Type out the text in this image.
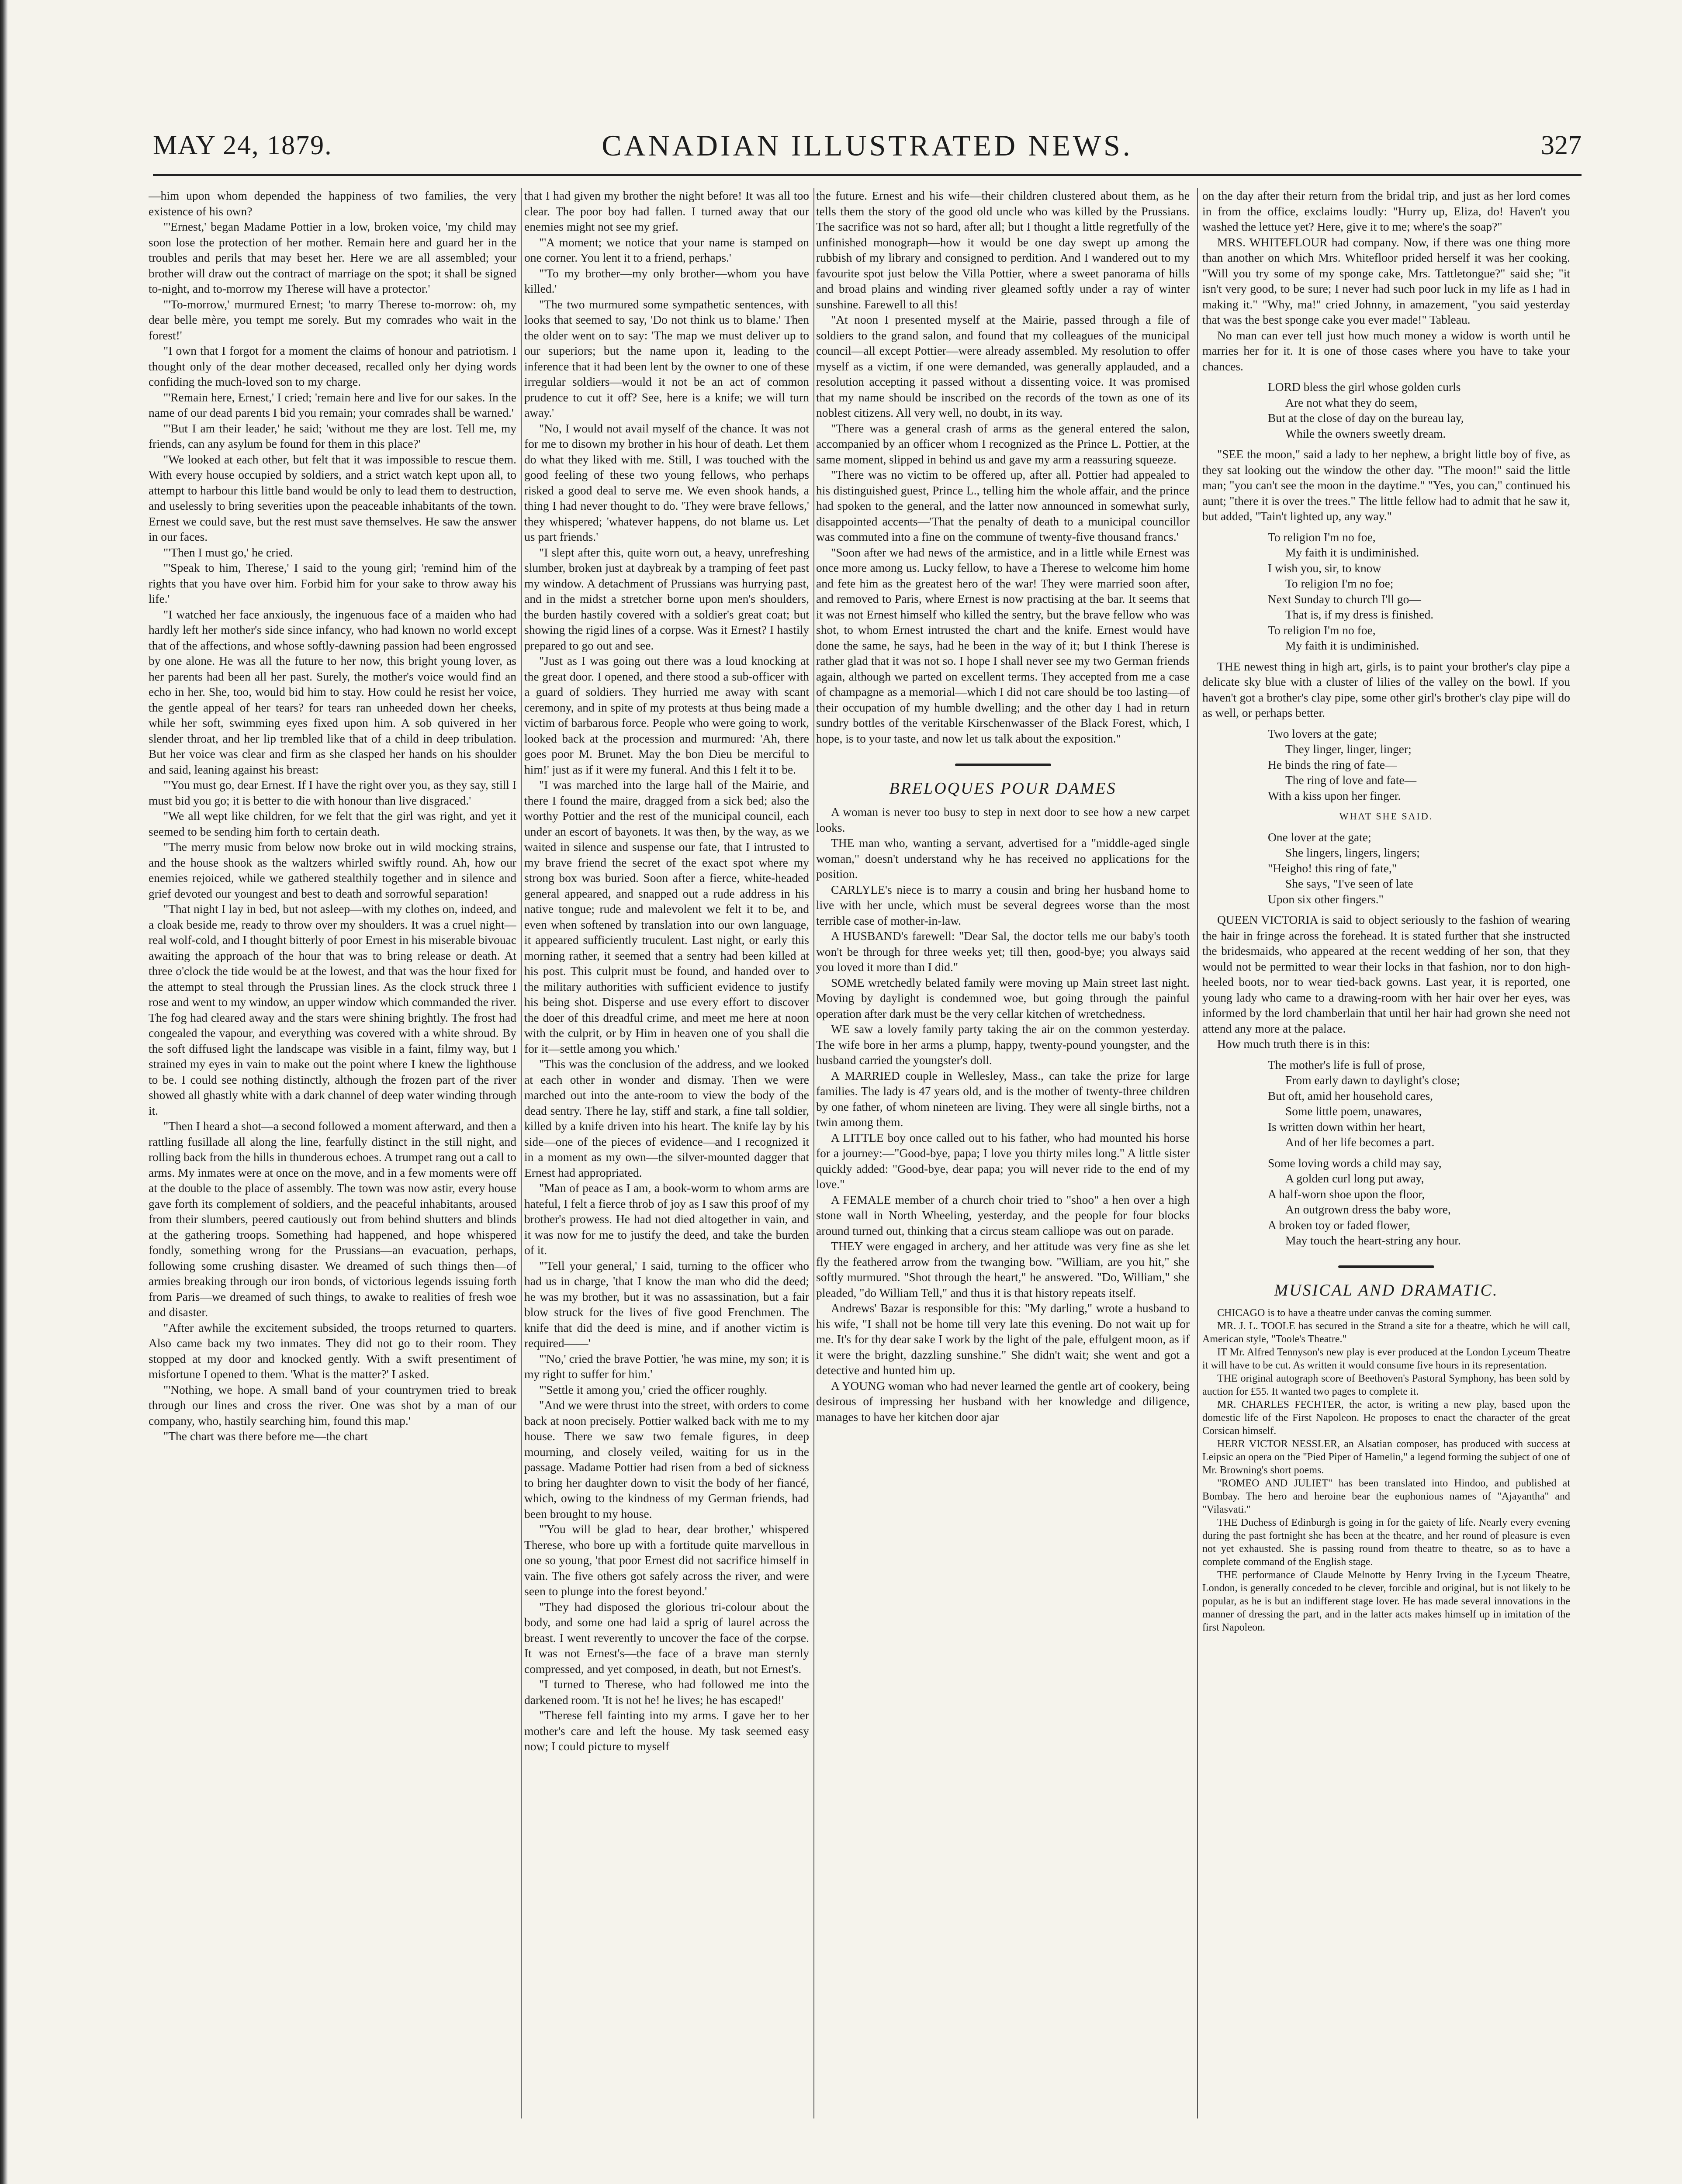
MAY 24, 1879.	CANADIAN ILLUSTRATED NEWS.	327

—him upon whom depended the happiness of two families, the very existence of his own?

"'Ernest,' began Madame Pottier in a low, broken voice, 'my child may soon lose the protection of her mother. Remain here and guard her in the troubles and perils that may beset her. Here we are all assembled; your brother will draw out the contract of marriage on the spot; it shall be signed to-night, and to-morrow my Therese will have a protector.'

"'To-morrow,' murmured Ernest; 'to marry Therese to-morrow: oh, my dear belle mère, you tempt me sorely. But my comrades who wait in the forest!'

"I own that I forgot for a moment the claims of honour and patriotism. I thought only of the dear mother deceased, recalled only her dying words confiding the much-loved son to my charge.

"'Remain here, Ernest,' I cried; 'remain here and live for our sakes. In the name of our dead parents I bid you remain; your comrades shall be warned.'

"'But I am their leader,' he said; 'without me they are lost. Tell me, my friends, can any asylum be found for them in this place?'

"We looked at each other, but felt that it was impossible to rescue them. With every house occupied by soldiers, and a strict watch kept upon all, to attempt to harbour this little band would be only to lead them to destruction, and uselessly to bring severities upon the peaceable inhabitants of the town. Ernest we could save, but the rest must save themselves. He saw the answer in our faces.

"'Then I must go,' he cried.

"'Speak to him, Therese,' I said to the young girl; 'remind him of the rights that you have over him. Forbid him for your sake to throw away his life.'

"I watched her face anxiously, the ingenuous face of a maiden who had hardly left her mother's side since infancy, who had known no world except that of the affections, and whose softly-dawning passion had been engrossed by one alone. He was all the future to her now, this bright young lover, as her parents had been all her past. Surely, the mother's voice would find an echo in her. She, too, would bid him to stay. How could he resist her voice, the gentle appeal of her tears? for tears ran unheeded down her cheeks, while her soft, swimming eyes fixed upon him. A sob quivered in her slender throat, and her lip trembled like that of a child in deep tribulation. But her voice was clear and firm as she clasped her hands on his shoulder and said, leaning against his breast:

"'You must go, dear Ernest. If I have the right over you, as they say, still I must bid you go; it is better to die with honour than live disgraced.'

"We all wept like children, for we felt that the girl was right, and yet it seemed to be sending him forth to certain death.

"The merry music from below now broke out in wild mocking strains, and the house shook as the waltzers whirled swiftly round. Ah, how our enemies rejoiced, while we gathered stealthily together and in silence and grief devoted our youngest and best to death and sorrowful separation!

"That night I lay in bed, but not asleep—with my clothes on, indeed, and a cloak beside me, ready to throw over my shoulders. It was a cruel night—real wolf-cold, and I thought bitterly of poor Ernest in his miserable bivouac awaiting the approach of the hour that was to bring release or death. At three o'clock the tide would be at the lowest, and that was the hour fixed for the attempt to steal through the Prussian lines. As the clock struck three I rose and went to my window, an upper window which commanded the river. The fog had cleared away and the stars were shining brightly. The frost had congealed the vapour, and everything was covered with a white shroud. By the soft diffused light the landscape was visible in a faint, filmy way, but I strained my eyes in vain to make out the point where I knew the lighthouse to be. I could see nothing distinctly, although the frozen part of the river showed all ghastly white with a dark channel of deep water winding through it.

"Then I heard a shot—a second followed a moment afterward, and then a rattling fusillade all along the line, fearfully distinct in the still night, and rolling back from the hills in thunderous echoes. A trumpet rang out a call to arms. My inmates were at once on the move, and in a few moments were off at the double to the place of assembly. The town was now astir, every house gave forth its complement of soldiers, and the peaceful inhabitants, aroused from their slumbers, peered cautiously out from behind shutters and blinds at the gathering troops. Something had happened, and hope whispered fondly, something wrong for the Prussians—an evacuation, perhaps, following some crushing disaster. We dreamed of such things then—of armies breaking through our iron bonds, of victorious legends issuing forth from Paris—we dreamed of such things, to awake to realities of fresh woe and disaster.

"After awhile the excitement subsided, the troops returned to quarters. Also came back my two inmates. They did not go to their room. They stopped at my door and knocked gently. With a swift presentiment of misfortune I opened to them. 'What is the matter?' I asked.

"'Nothing, we hope. A small band of your countrymen tried to break through our lines and cross the river. One was shot by a man of our company, who, hastily searching him, found this map.'

"The chart was there before me—the chart

that I had given my brother the night before! It was all too clear. The poor boy had fallen. I turned away that our enemies might not see my grief.

"'A moment; we notice that your name is stamped on one corner. You lent it to a friend, perhaps.'

"'To my brother—my only brother—whom you have killed.'

"The two murmured some sympathetic sentences, with looks that seemed to say, 'Do not think us to blame.' Then the older went on to say: 'The map we must deliver up to our superiors; but the name upon it, leading to the inference that it had been lent by the owner to one of these irregular soldiers—would it not be an act of common prudence to cut it off? See, here is a knife; we will turn away.'

"No, I would not avail myself of the chance. It was not for me to disown my brother in his hour of death. Let them do what they liked with me. Still, I was touched with the good feeling of these two young fellows, who perhaps risked a good deal to serve me. We even shook hands, a thing I had never thought to do. 'They were brave fellows,' they whispered; 'whatever happens, do not blame us. Let us part friends.'

"I slept after this, quite worn out, a heavy, unrefreshing slumber, broken just at daybreak by a tramping of feet past my window. A detachment of Prussians was hurrying past, and in the midst a stretcher borne upon men's shoulders, the burden hastily covered with a soldier's great coat; but showing the rigid lines of a corpse. Was it Ernest? I hastily prepared to go out and see.

"Just as I was going out there was a loud knocking at the great door. I opened, and there stood a sub-officer with a guard of soldiers. They hurried me away with scant ceremony, and in spite of my protests at thus being made a victim of barbarous force. People who were going to work, looked back at the procession and murmured: 'Ah, there goes poor M. Brunet. May the bon Dieu be merciful to him!' just as if it were my funeral. And this I felt it to be.

"I was marched into the large hall of the Mairie, and there I found the maire, dragged from a sick bed; also the worthy Pottier and the rest of the municipal council, each under an escort of bayonets. It was then, by the way, as we waited in silence and suspense our fate, that I intrusted to my brave friend the secret of the exact spot where my strong box was buried. Soon after a fierce, white-headed general appeared, and snapped out a rude address in his native tongue; rude and malevolent we felt it to be, and even when softened by translation into our own language, it appeared sufficiently truculent. Last night, or early this morning rather, it seemed that a sentry had been killed at his post. This culprit must be found, and handed over to the military authorities with sufficient evidence to justify his being shot. Disperse and use every effort to discover the doer of this dreadful crime, and meet me here at noon with the culprit, or by Him in heaven one of you shall die for it—settle among you which.'

"This was the conclusion of the address, and we looked at each other in wonder and dismay. Then we were marched out into the ante-room to view the body of the dead sentry. There he lay, stiff and stark, a fine tall soldier, killed by a knife driven into his heart. The knife lay by his side—one of the pieces of evidence—and I recognized it in a moment as my own—the silver-mounted dagger that Ernest had appropriated.

"Man of peace as I am, a book-worm to whom arms are hateful, I felt a fierce throb of joy as I saw this proof of my brother's prowess. He had not died altogether in vain, and it was now for me to justify the deed, and take the burden of it.

"'Tell your general,' I said, turning to the officer who had us in charge, 'that I know the man who did the deed; he was my brother, but it was no assassination, but a fair blow struck for the lives of five good Frenchmen. The knife that did the deed is mine, and if another victim is required——'

"'No,' cried the brave Pottier, 'he was mine, my son; it is my right to suffer for him.'

"'Settle it among you,' cried the officer roughly.

"And we were thrust into the street, with orders to come back at noon precisely. Pottier walked back with me to my house. There we saw two female figures, in deep mourning, and closely veiled, waiting for us in the passage. Madame Pottier had risen from a bed of sickness to bring her daughter down to visit the body of her fiancé, which, owing to the kindness of my German friends, had been brought to my house.

"'You will be glad to hear, dear brother,' whispered Therese, who bore up with a fortitude quite marvellous in one so young, 'that poor Ernest did not sacrifice himself in vain. The five others got safely across the river, and were seen to plunge into the forest beyond.'

"They had disposed the glorious tri-colour about the body, and some one had laid a sprig of laurel across the breast. I went reverently to uncover the face of the corpse. It was not Ernest's—the face of a brave man sternly compressed, and yet composed, in death, but not Ernest's.

"I turned to Therese, who had followed me into the darkened room. 'It is not he! he lives; he has escaped!'

"Therese fell fainting into my arms. I gave her to her mother's care and left the house. My task seemed easy now; I could picture to myself

the future. Ernest and his wife—their children clustered about them, as he tells them the story of the good old uncle who was killed by the Prussians. The sacrifice was not so hard, after all; but I thought a little regretfully of the unfinished monograph—how it would be one day swept up among the rubbish of my library and consigned to perdition. And I wandered out to my favourite spot just below the Villa Pottier, where a sweet panorama of hills and broad plains and winding river gleamed softly under a ray of winter sunshine. Farewell to all this!

"At noon I presented myself at the Mairie, passed through a file of soldiers to the grand salon, and found that my colleagues of the municipal council—all except Pottier—were already assembled. My resolution to offer myself as a victim, if one were demanded, was generally applauded, and a resolution accepting it passed without a dissenting voice. It was promised that my name should be inscribed on the records of the town as one of its noblest citizens. All very well, no doubt, in its way.

"There was a general crash of arms as the general entered the salon, accompanied by an officer whom I recognized as the Prince L. Pottier, at the same moment, slipped in behind us and gave my arm a reassuring squeeze.

"There was no victim to be offered up, after all. Pottier had appealed to his distinguished guest, Prince L., telling him the whole affair, and the prince had spoken to the general, and the latter now announced in somewhat surly, disappointed accents—'That the penalty of death to a municipal councillor was commuted into a fine on the commune of twenty-five thousand francs.'

"Soon after we had news of the armistice, and in a little while Ernest was once more among us. Lucky fellow, to have a Therese to welcome him home and fete him as the greatest hero of the war! They were married soon after, and removed to Paris, where Ernest is now practising at the bar. It seems that it was not Ernest himself who killed the sentry, but the brave fellow who was shot, to whom Ernest intrusted the chart and the knife. Ernest would have done the same, he says, had he been in the way of it; but I think Therese is rather glad that it was not so. I hope I shall never see my two German friends again, although we parted on excellent terms. They accepted from me a case of champagne as a memorial—which I did not care should be too lasting—of their occupation of my humble dwelling; and the other day I had in return sundry bottles of the veritable Kirschenwasser of the Black Forest, which, I hope, is to your taste, and now let us talk about the exposition."

BRELOQUES POUR DAMES

A woman is never too busy to step in next door to see how a new carpet looks.

THE man who, wanting a servant, advertised for a "middle-aged single woman," doesn't understand why he has received no applications for the position.

CARLYLE's niece is to marry a cousin and bring her husband home to live with her uncle, which must be several degrees worse than the most terrible case of mother-in-law.

A HUSBAND's farewell: "Dear Sal, the doctor tells me our baby's tooth won't be through for three weeks yet; till then, good-bye; you always said you loved it more than I did."

SOME wretchedly belated family were moving up Main street last night. Moving by daylight is condemned woe, but going through the painful operation after dark must be the very cellar kitchen of wretchedness.

WE saw a lovely family party taking the air on the common yesterday. The wife bore in her arms a plump, happy, twenty-pound youngster, and the husband carried the youngster's doll.

A MARRIED couple in Wellesley, Mass., can take the prize for large families. The lady is 47 years old, and is the mother of twenty-three children by one father, of whom nineteen are living. They were all single births, not a twin among them.

A LITTLE boy once called out to his father, who had mounted his horse for a journey:—"Good-bye, papa; I love you thirty miles long." A little sister quickly added: "Good-bye, dear papa; you will never ride to the end of my love."

A FEMALE member of a church choir tried to "shoo" a hen over a high stone wall in North Wheeling, yesterday, and the people for four blocks around turned out, thinking that a circus steam calliope was out on parade.

THEY were engaged in archery, and her attitude was very fine as she let fly the feathered arrow from the twanging bow. "William, are you hit," she softly murmured. "Shot through the heart," he answered. "Do, William," she pleaded, "do William Tell," and thus it is that history repeats itself.

Andrews' Bazar is responsible for this: "My darling," wrote a husband to his wife, "I shall not be home till very late this evening. Do not wait up for me. It's for thy dear sake I work by the light of the pale, effulgent moon, as if it were the bright, dazzling sunshine." She didn't wait; she went and got a detective and hunted him up.

A YOUNG woman who had never learned the gentle art of cookery, being desirous of impressing her husband with her knowledge and diligence, manages to have her kitchen door ajar

on the day after their return from the bridal trip, and just as her lord comes in from the office, exclaims loudly: "Hurry up, Eliza, do! Haven't you washed the lettuce yet? Here, give it to me; where's the soap?"

MRS. WHITEFLOUR had company. Now, if there was one thing more than another on which Mrs. Whitefloor prided herself it was her cooking. "Will you try some of my sponge cake, Mrs. Tattletongue?" said she; "it isn't very good, to be sure; I never had such poor luck in my life as I had in making it." "Why, ma!" cried Johnny, in amazement, "you said yesterday that was the best sponge cake you ever made!" Tableau.

No man can ever tell just how much money a widow is worth until he marries her for it. It is one of those cases where you have to take your chances.

LORD bless the girl whose golden curls
Are not what they do seem,
But at the close of day on the bureau lay,
While the owners sweetly dream.

"SEE the moon," said a lady to her nephew, a bright little boy of five, as they sat looking out the window the other day. "The moon!" said the little man; "you can't see the moon in the daytime." "Yes, you can," continued his aunt; "there it is over the trees." The little fellow had to admit that he saw it, but added, "Tain't lighted up, any way."

To religion I'm no foe,
My faith it is undiminished.
I wish you, sir, to know
To religion I'm no foe;
Next Sunday to church I'll go—
That is, if my dress is finished.
To religion I'm no foe,
My faith it is undiminished.

THE newest thing in high art, girls, is to paint your brother's clay pipe a delicate sky blue with a cluster of lilies of the valley on the bowl. If you haven't got a brother's clay pipe, some other girl's brother's clay pipe will do as well, or perhaps better.

Two lovers at the gate;
They linger, linger, linger;
He binds the ring of fate—
The ring of love and fate—
With a kiss upon her finger.
WHAT SHE SAID.
One lover at the gate;
She lingers, lingers, lingers;
"Heigho! this ring of fate,"
She says, "I've seen of late
Upon six other fingers."

QUEEN VICTORIA is said to object seriously to the fashion of wearing the hair in fringe across the forehead. It is stated further that she instructed the bridesmaids, who appeared at the recent wedding of her son, that they would not be permitted to wear their locks in that fashion, nor to don high-heeled boots, nor to wear tied-back gowns. Last year, it is reported, one young lady who came to a drawing-room with her hair over her eyes, was informed by the lord chamberlain that until her hair had grown she need not attend any more at the palace.

How much truth there is in this:

The mother's life is full of prose,
From early dawn to daylight's close;
But oft, amid her household cares,
Some little poem, unawares,
Is written down within her heart,
And of her life becomes a part.
Some loving words a child may say,
A golden curl long put away,
A half-worn shoe upon the floor,
An outgrown dress the baby wore,
A broken toy or faded flower,
May touch the heart-string any hour.
MUSICAL AND DRAMATIC.

CHICAGO is to have a theatre under canvas the coming summer.

MR. J. L. TOOLE has secured in the Strand a site for a theatre, which he will call, American style, "Toole's Theatre."

IT Mr. Alfred Tennyson's new play is ever produced at the London Lyceum Theatre it will have to be cut. As written it would consume five hours in its representation.

THE original autograph score of Beethoven's Pastoral Symphony, has been sold by auction for £55. It wanted two pages to complete it.

MR. CHARLES FECHTER, the actor, is writing a new play, based upon the domestic life of the First Napoleon. He proposes to enact the character of the great Corsican himself.

HERR VICTOR NESSLER, an Alsatian composer, has produced with success at Leipsic an opera on the "Pied Piper of Hamelin," a legend forming the subject of one of Mr. Browning's short poems.

"ROMEO AND JULIET" has been translated into Hindoo, and published at Bombay. The hero and heroine bear the euphonious names of "Ajayantha" and "Vilasvati."

THE Duchess of Edinburgh is going in for the gaiety of life. Nearly every evening during the past fortnight she has been at the theatre, and her round of pleasure is even not yet exhausted. She is passing round from theatre to theatre, so as to have a complete command of the English stage.

THE performance of Claude Melnotte by Henry Irving in the Lyceum Theatre, London, is generally conceded to be clever, forcible and original, but is not likely to be popular, as he is but an indifferent stage lover. He has made several innovations in the manner of dressing the part, and in the latter acts makes himself up in imitation of the first Napoleon.
